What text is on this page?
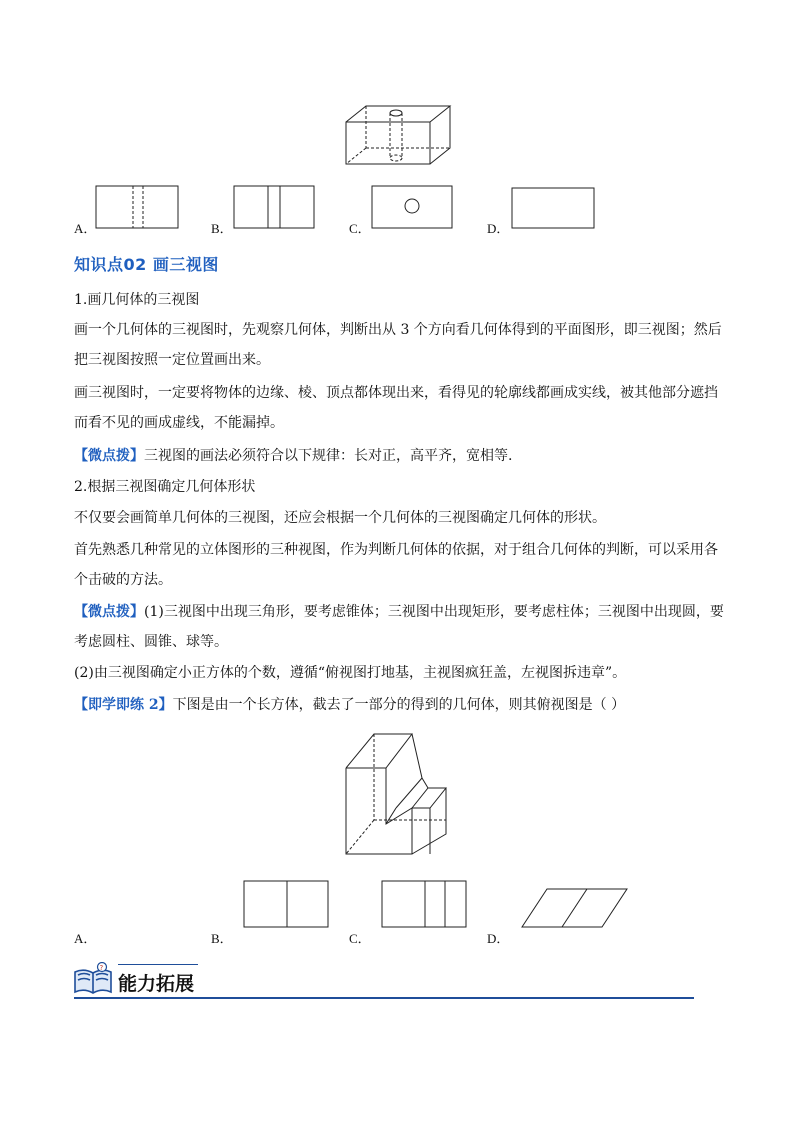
A．	B．	C．	D．
知识点02 画三视图
1.画几何体的三视图
画一个几何体的三视图时，先观察几何体，判断出从 3 个方向看几何体得到的平面图形，即三视图；然后
把三视图按照一定位置画出来。
画三视图时，一定要将物体的边缘、棱、顶点都体现出来，看得见的轮廓线都画成实线，被其他部分遮挡
而看不见的画成虚线，不能漏掉。
【微点拨】三视图的画法必须符合以下规律：长对正，高平齐，宽相等.
2.根据三视图确定几何体形状
不仅要会画简单几何体的三视图，还应会根据一个几何体的三视图确定几何体的形状。
首先熟悉几种常见的立体图形的三种视图，作为判断几何体的依据，对于组合几何体的判断，可以采用各
个击破的方法。
【微点拨】(1)三视图中出现三角形，要考虑锥体；三视图中出现矩形，要考虑柱体；三视图中出现圆，要
考虑圆柱、圆锥、球等。
(2)由三视图确定小正方体的个数，遵循“俯视图打地基，主视图疯狂盖，左视图拆违章”。
【即学即练 2】下图是由一个长方体，截去了一部分的得到的几何体，则其俯视图是（ ）
A．	B．	C．	D．
?
能力拓展
